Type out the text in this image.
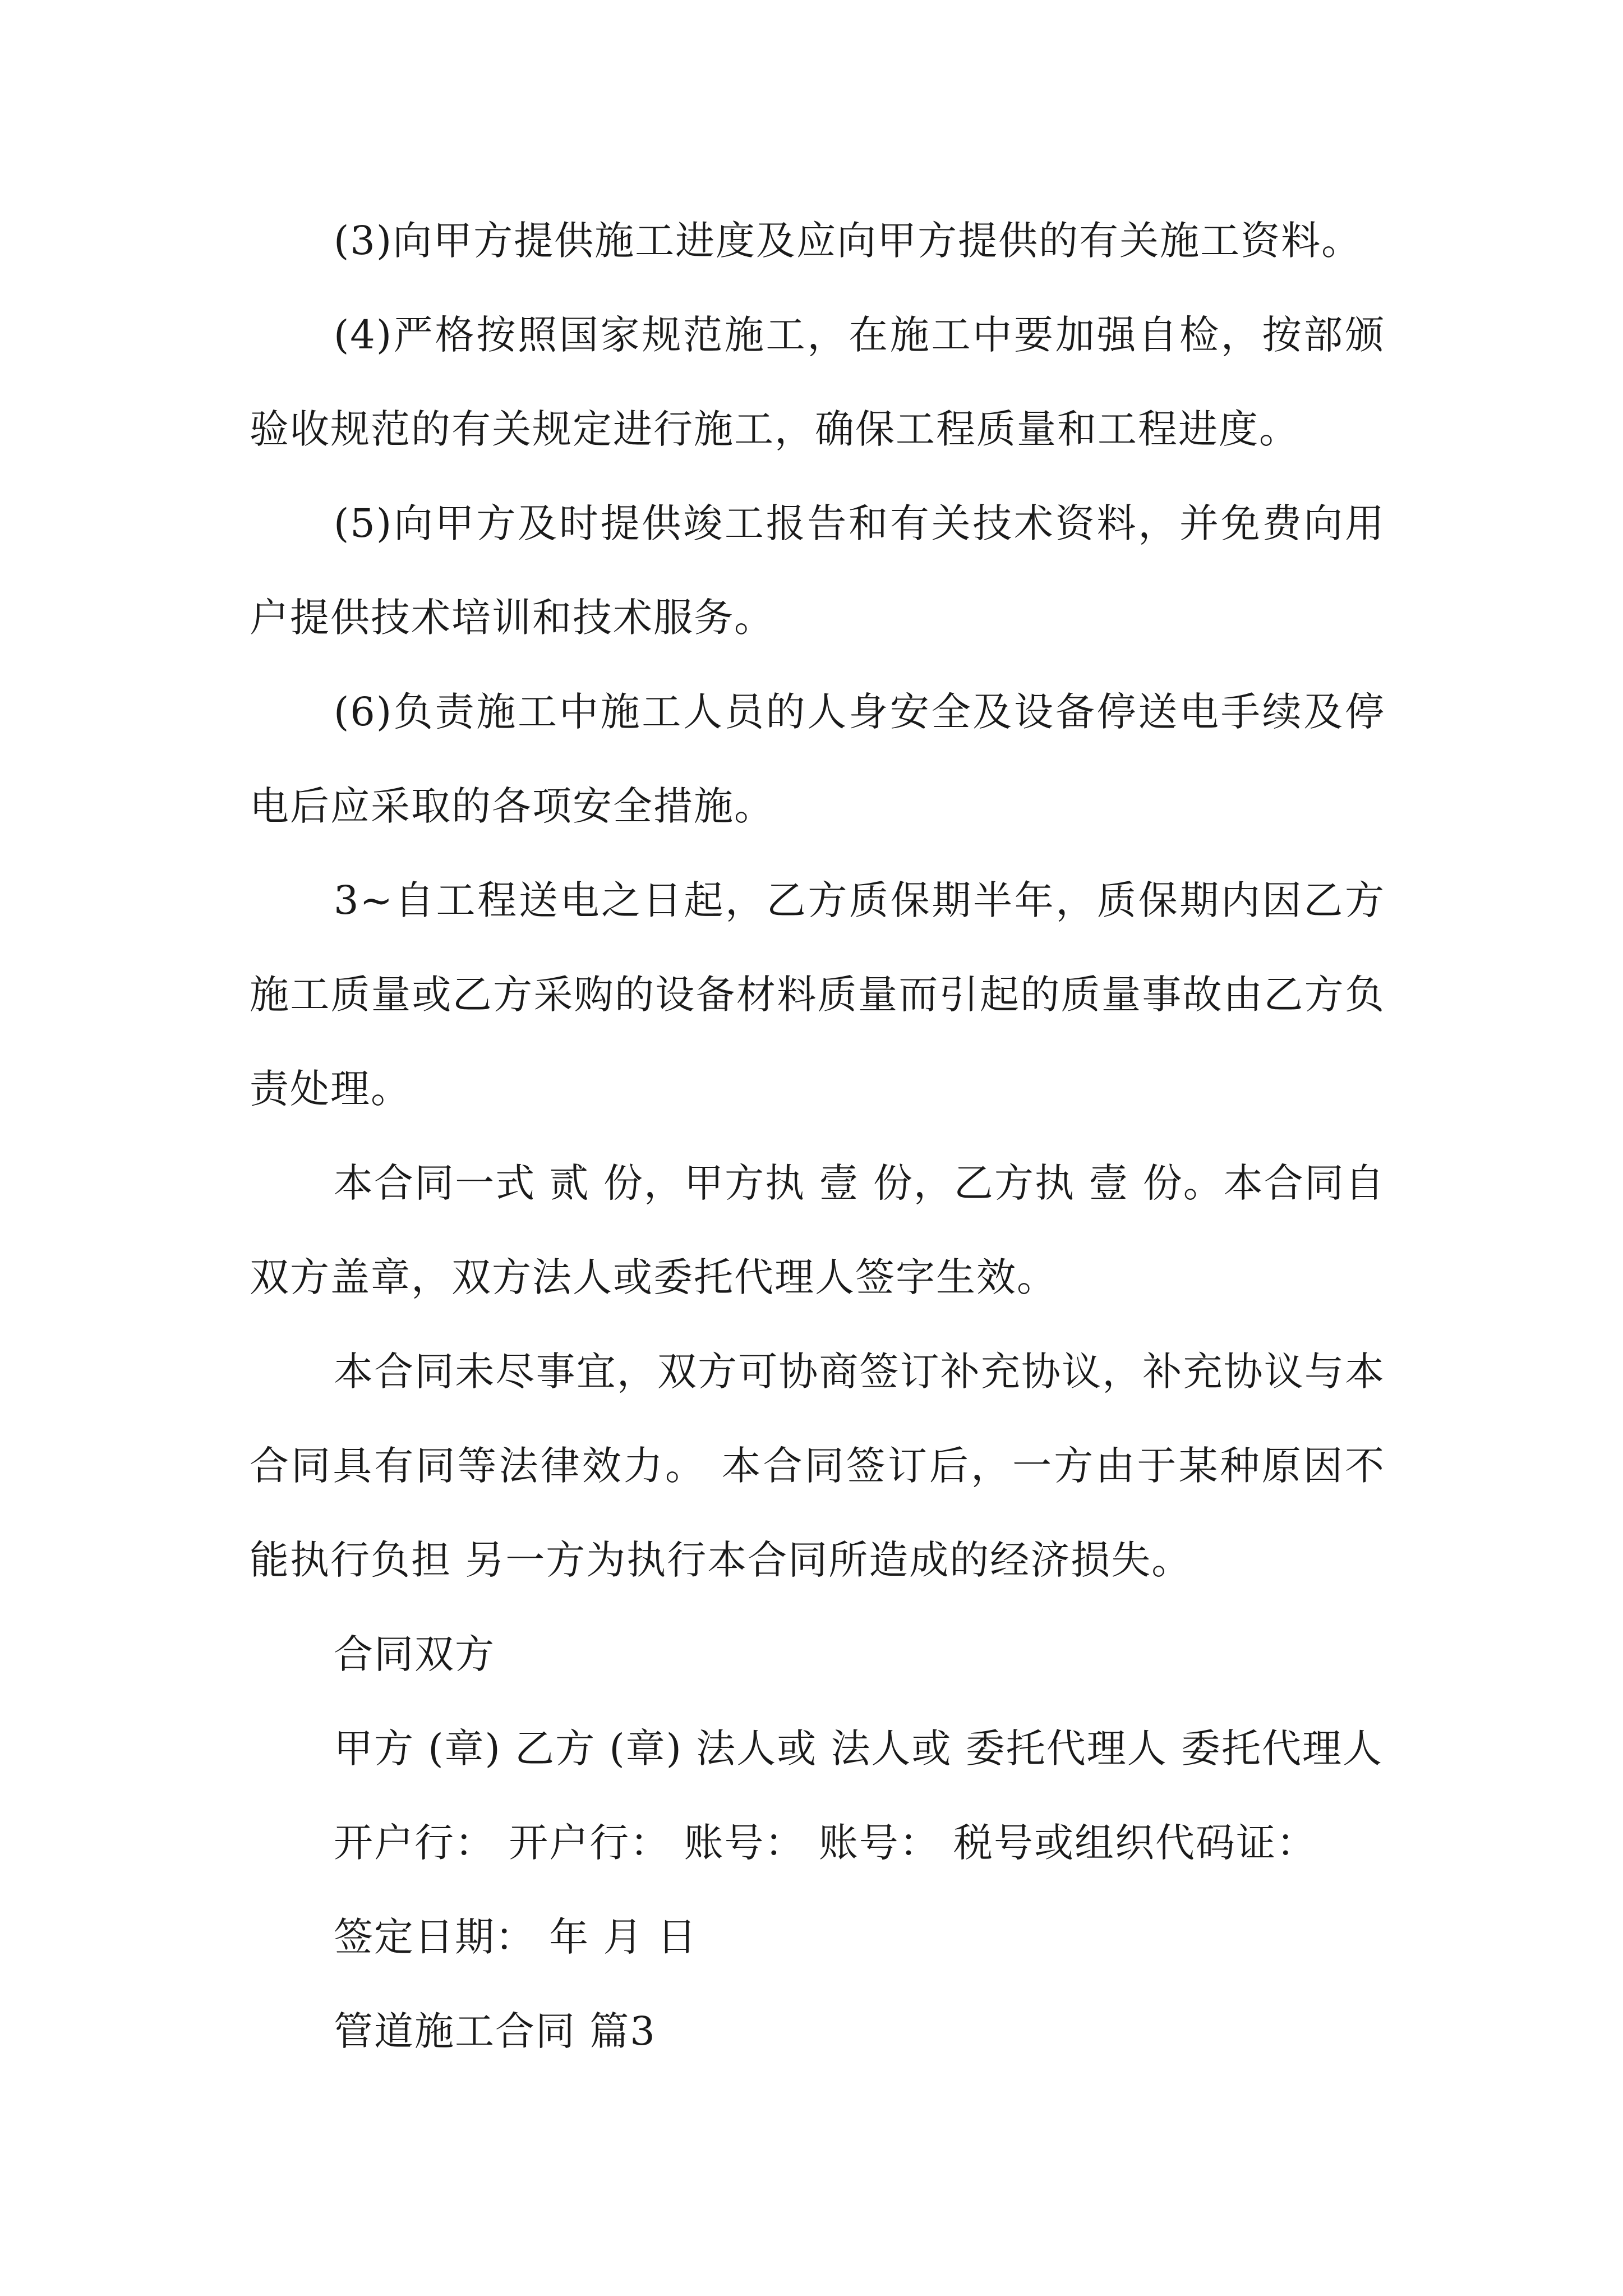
(3)向甲方提供施工进度及应向甲方提供的有关施工资料。

(4)严格按照国家规范施工，在施工中要加强自检，按部颁验收规范的有关规定进行施工，确保工程质量和工程进度。

(5)向甲方及时提供竣工报告和有关技术资料，并免费向用户提供技术培训和技术服务。

(6)负责施工中施工人员的人身安全及设备停送电手续及停电后应采取的各项安全措施。

3~自工程送电之日起，乙方质保期半年，质保期内因乙方施工质量或乙方采购的设备材料质量而引起的质量事故由乙方负责处理。

本合同一式 贰 份，甲方执 壹 份，乙方执 壹 份。本合同自双方盖章，双方法人或委托代理人签字生效。

本合同未尽事宜，双方可协商签订补充协议，补充协议与本合同具有同等法律效力。 本合同签订后，一方由于某种原因不能执行负担 另一方为执行本合同所造成的经济损失。

合同双方

甲方 (章) 乙方 (章) 法人或 法人或 委托代理人 委托代理人

开户行： 开户行： 账号： 账号： 税号或组织代码证：

签定日期： 年 月 日

管道施工合同 篇3
